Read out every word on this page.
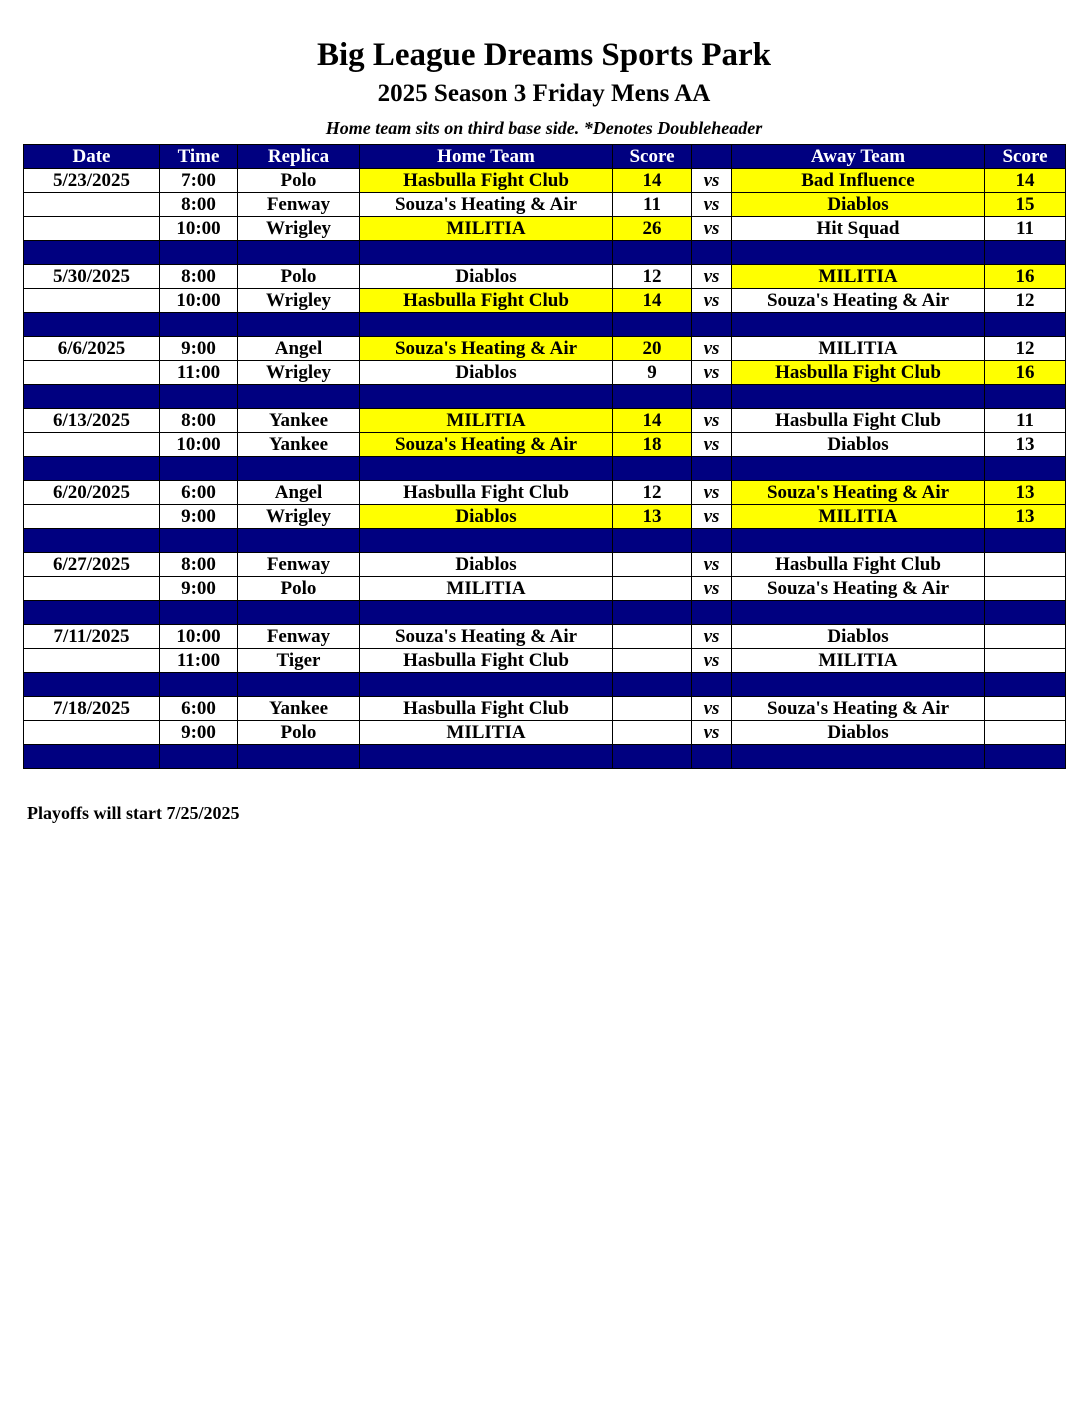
Big League Dreams Sports Park
2025 Season 3 Friday Mens AA
Home team sits on third base side. *Denotes Doubleheader
Date	Time	Replica	Home Team	Score		Away Team	Score
5/23/2025	7:00	Polo	Hasbulla Fight Club	14	vs	Bad Influence	14
	8:00	Fenway	Souza's Heating & Air	11	vs	Diablos	15
	10:00	Wrigley	MILITIA	26	vs	Hit Squad	11

5/30/2025	8:00	Polo	Diablos	12	vs	MILITIA	16
	10:00	Wrigley	Hasbulla Fight Club	14	vs	Souza's Heating & Air	12

6/6/2025	9:00	Angel	Souza's Heating & Air	20	vs	MILITIA	12
	11:00	Wrigley	Diablos	9	vs	Hasbulla Fight Club	16

6/13/2025	8:00	Yankee	MILITIA	14	vs	Hasbulla Fight Club	11
	10:00	Yankee	Souza's Heating & Air	18	vs	Diablos	13

6/20/2025	6:00	Angel	Hasbulla Fight Club	12	vs	Souza's Heating & Air	13
	9:00	Wrigley	Diablos	13	vs	MILITIA	13

6/27/2025	8:00	Fenway	Diablos		vs	Hasbulla Fight Club	
	9:00	Polo	MILITIA		vs	Souza's Heating & Air	

7/11/2025	10:00	Fenway	Souza's Heating & Air		vs	Diablos	
	11:00	Tiger	Hasbulla Fight Club		vs	MILITIA	

7/18/2025	6:00	Yankee	Hasbulla Fight Club		vs	Souza's Heating & Air	
	9:00	Polo	MILITIA		vs	Diablos	

Playoffs will start 7/25/2025
